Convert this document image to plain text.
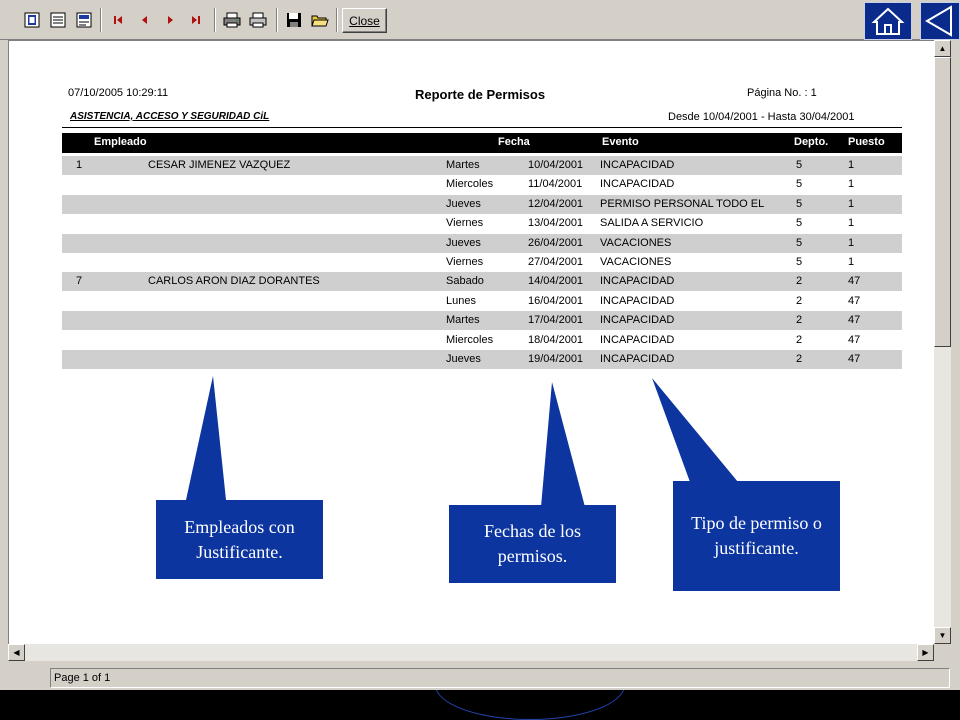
Close
▲
▼
◀	▶
Page 1 of 1
07/10/2005 10:29:11	Reporte de Permisos	Página No. : 1
ASISTENCIA, ACCESO Y SEGURIDAD CiL	Desde 10/04/2001 - Hasta 30/04/2001
Empleado	Fecha	Evento	Depto. Puesto
1	CESAR JIMENEZ VAZQUEZ	Martes	10/04/2001 INCAPACIDAD	5	1
Miercoles	11/04/2001 INCAPACIDAD	5	1
Jueves	12/04/2001 PERMISO PERSONAL TODO EL	5	1
Viernes	13/04/2001 SALIDA A SERVICIO	5	1
Jueves	26/04/2001 VACACIONES	5	1
Viernes	27/04/2001 VACACIONES	5	1
7	CARLOS ARON DIAZ DORANTES	Sabado	14/04/2001 INCAPACIDAD	2	47
Lunes	16/04/2001 INCAPACIDAD	2	47
Martes	17/04/2001 INCAPACIDAD	2	47
Miercoles	18/04/2001 INCAPACIDAD	2	47
Jueves	19/04/2001 INCAPACIDAD	2	47
Empleados con Justificante.
Fechas de los permisos.
Tipo de permiso o justificante.
